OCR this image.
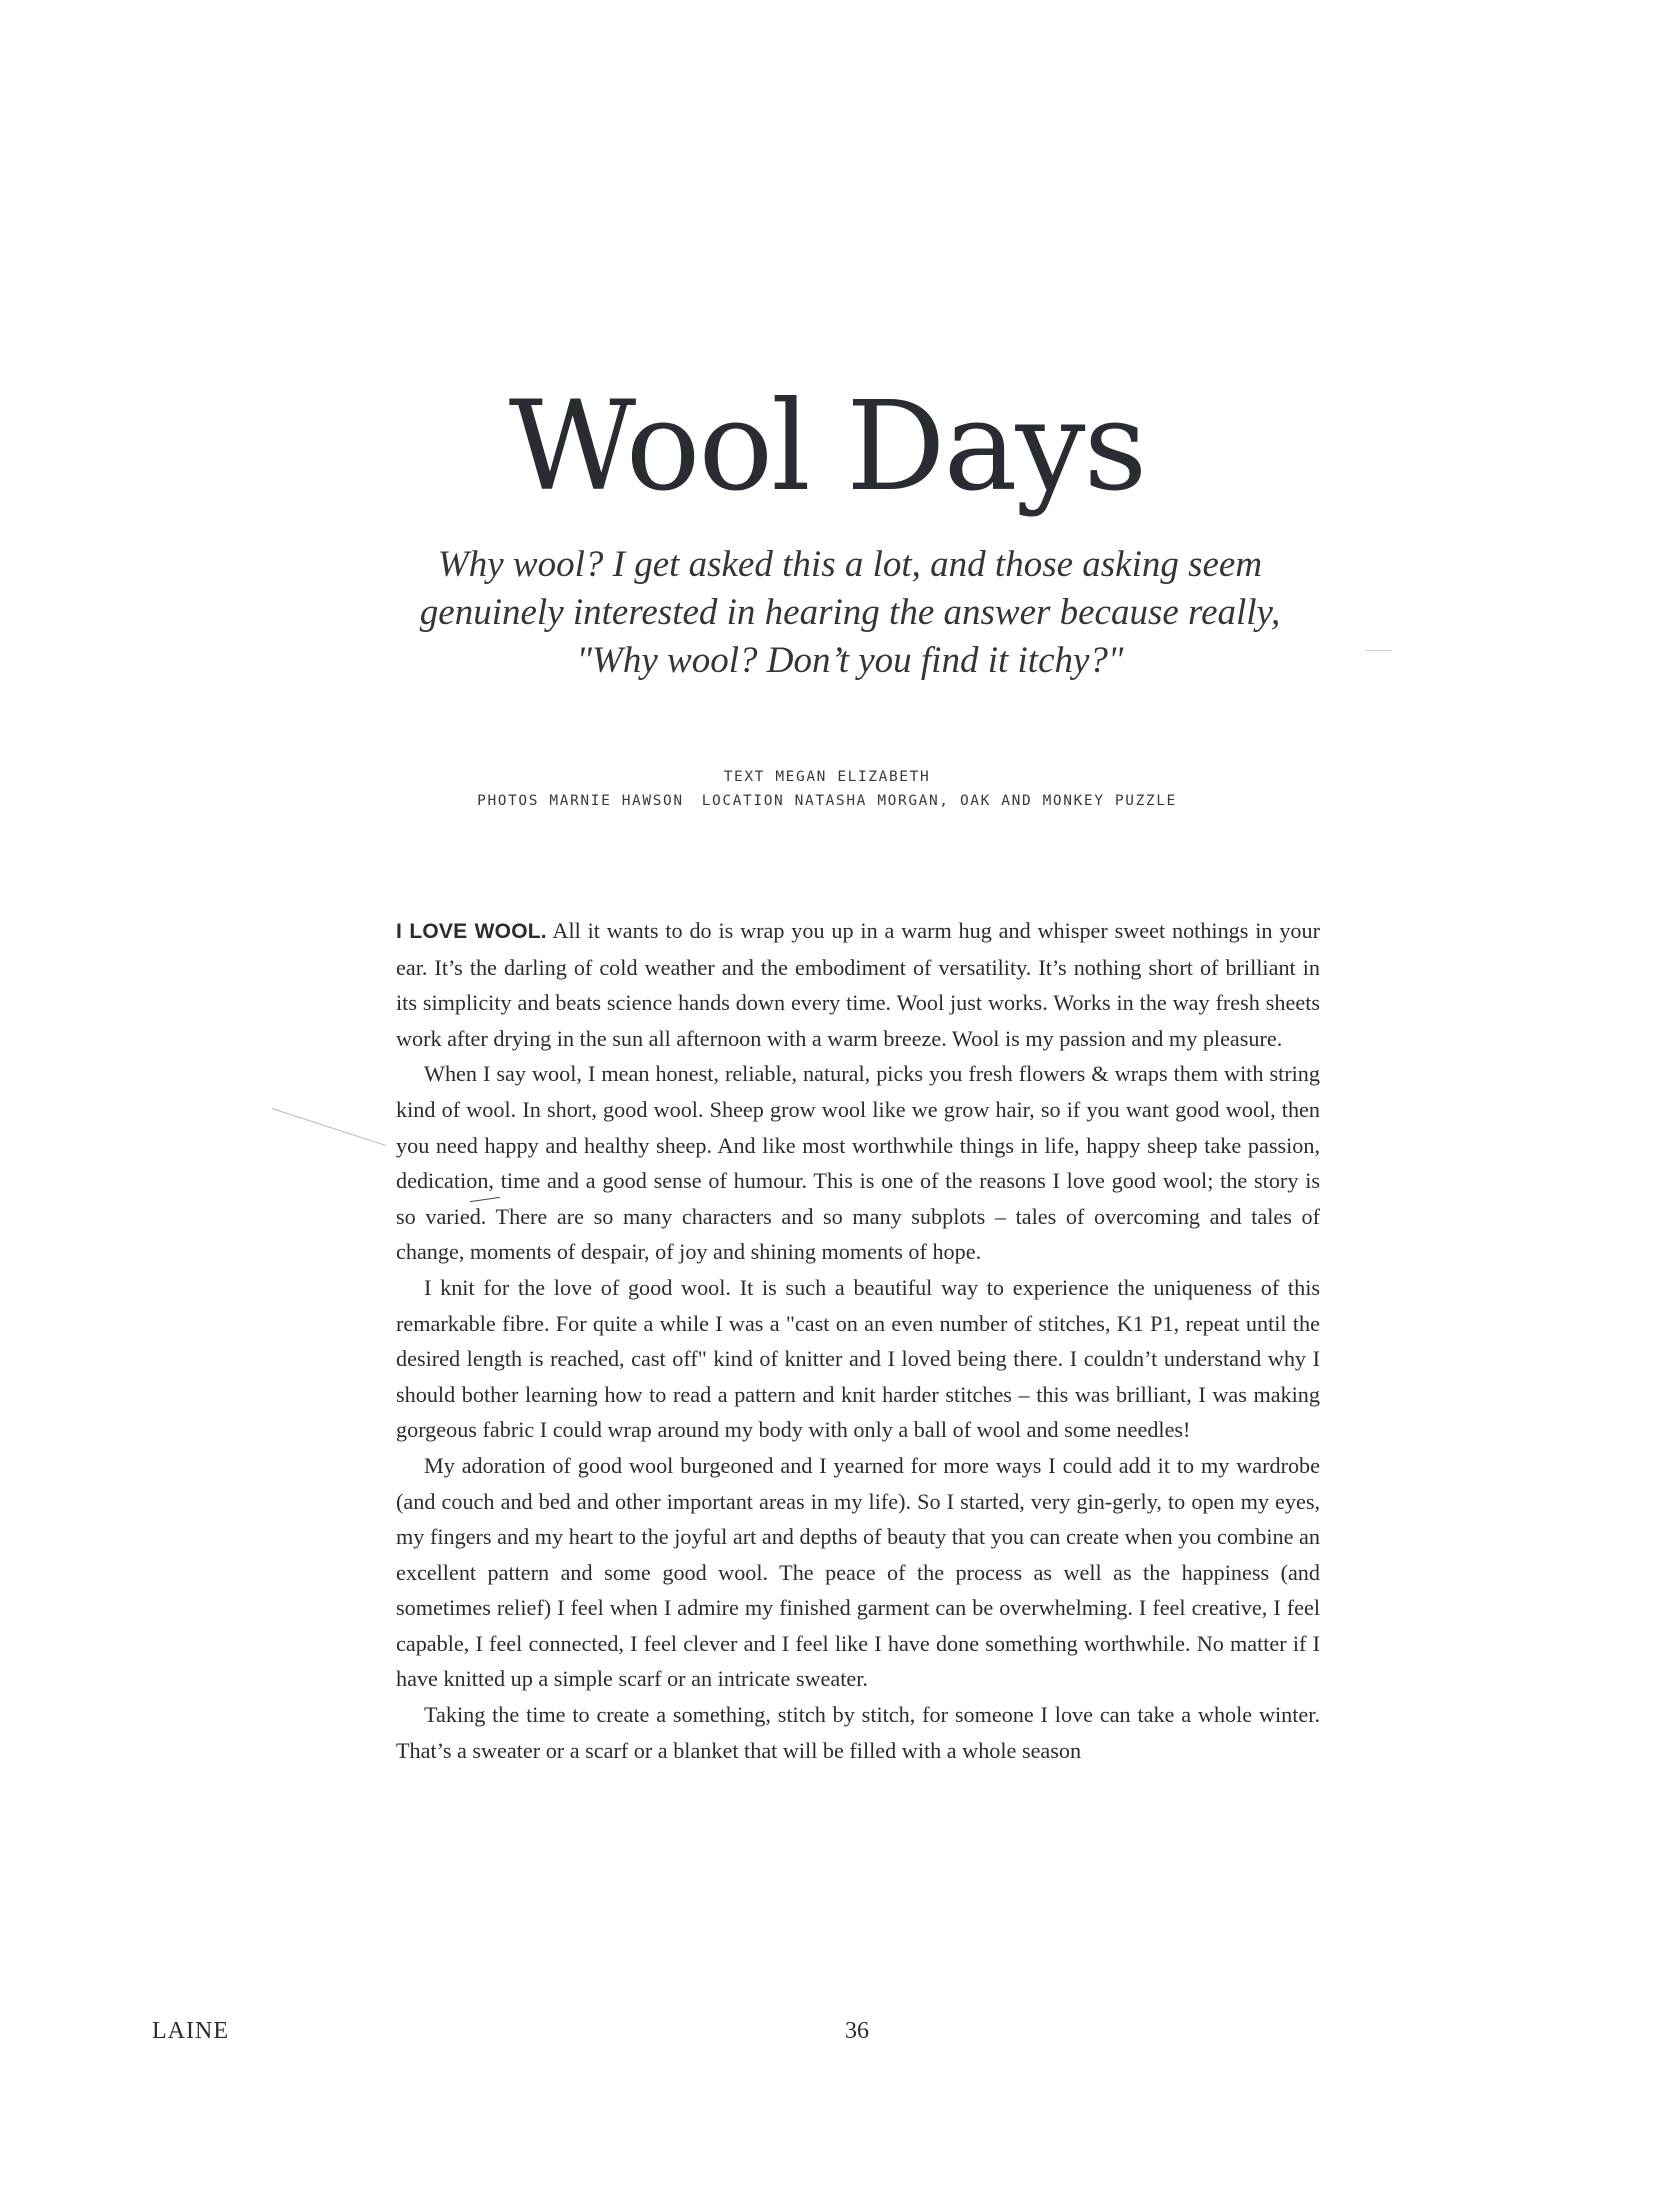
Wool Days

Why wool? I get asked this a lot, and those asking seem genuinely interested in hearing the answer because really, "Why wool? Don’t you find it itchy?"

TEXT MEGAN ELIZABETH
PHOTOS MARNIE HAWSON LOCATION NATASHA MORGAN, OAK AND MONKEY PUZZLE

I LOVE WOOL. All it wants to do is wrap you up in a warm hug and whisper sweet nothings in your ear. It’s the darling of cold weather and the embodiment of versatility. It’s nothing short of brilliant in its simplicity and beats science hands down every time. Wool just works. Works in the way fresh sheets work after drying in the sun all afternoon with a warm breeze. Wool is my passion and my pleasure.

When I say wool, I mean honest, reliable, natural, picks you fresh flowers & wraps them with string kind of wool. In short, good wool. Sheep grow wool like we grow hair, so if you want good wool, then you need happy and healthy sheep. And like most worthwhile things in life, happy sheep take passion, dedication, time and a good sense of humour. This is one of the reasons I love good wool; the story is so varied. There are so many characters and so many subplots – tales of overcoming and tales of change, moments of despair, of joy and shining moments of hope.

I knit for the love of good wool. It is such a beautiful way to experience the uniqueness of this remarkable fibre. For quite a while I was a "cast on an even number of stitches, K1 P1, repeat until the desired length is reached, cast off" kind of knitter and I loved being there. I couldn’t understand why I should bother learning how to read a pattern and knit harder stitches – this was brilliant, I was making gorgeous fabric I could wrap around my body with only a ball of wool and some needles!

My adoration of good wool burgeoned and I yearned for more ways I could add it to my wardrobe (and couch and bed and other important areas in my life). So I started, very gin-gerly, to open my eyes, my fingers and my heart to the joyful art and depths of beauty that you can create when you combine an excellent pattern and some good wool. The peace of the process as well as the happiness (and sometimes relief) I feel when I admire my finished garment can be overwhelming. I feel creative, I feel capable, I feel connected, I feel clever and I feel like I have done something worthwhile. No matter if I have knitted up a simple scarf or an intricate sweater.

Taking the time to create a something, stitch by stitch, for someone I love can take a whole winter. That’s a sweater or a scarf or a blanket that will be filled with a whole season

LAINE	36
